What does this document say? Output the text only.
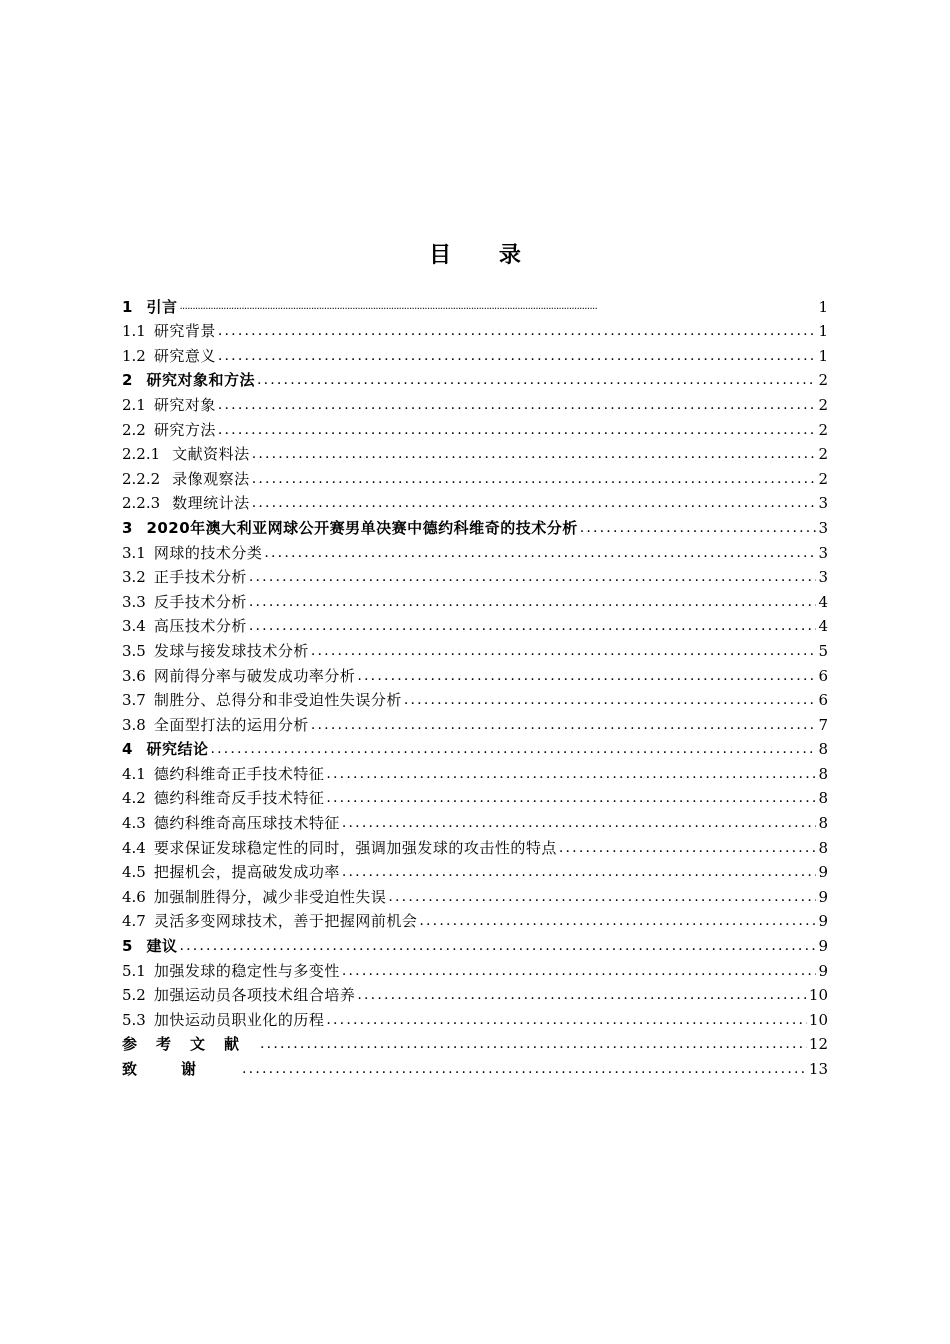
目 录
1 引言 .....	1
1.1 研究背景 .....	1
1.2 研究意义 .....	1
2 研究对象和方法 .....	2
2.1 研究对象 .....	2
2.2 研究方法 .....	2
2.2.1 文献资料法 .....	2
2.2.2 录像观察法 .....	2
2.2.3 数理统计法 .....	3
3 2020年澳大利亚网球公开赛男单决赛中德约科维奇的技术分析 .....	3
3.1 网球的技术分类 .....	3
3.2 正手技术分析 .....	3
3.3 反手技术分析 .....	4
3.4 高压技术分析 .....	4
3.5 发球与接发球技术分析 .....	5
3.6 网前得分率与破发成功率分析 .....	6
3.7 制胜分、总得分和非受迫性失误分析 .....	6
3.8 全面型打法的运用分析 .....	7
4 研究结论 .....	8
4.1 德约科维奇正手技术特征 .....	8
4.2 德约科维奇反手技术特征 .....	8
4.3 德约科维奇高压球技术特征 .....	8
4.4 要求保证发球稳定性的同时，强调加强发球的攻击性的特点 .....	8
4.5 把握机会，提高破发成功率 .....	9
4.6 加强制胜得分，减少非受迫性失误 .....	9
4.7 灵活多变网球技术，善于把握网前机会 .....	9
5 建议 .....	9
5.1 加强发球的稳定性与多变性 .....	9
5.2 加强运动员各项技术组合培养 .....	10
5.3 加快运动员职业化的历程 .....	10
参考文献 .....	12
致谢 .....	13
